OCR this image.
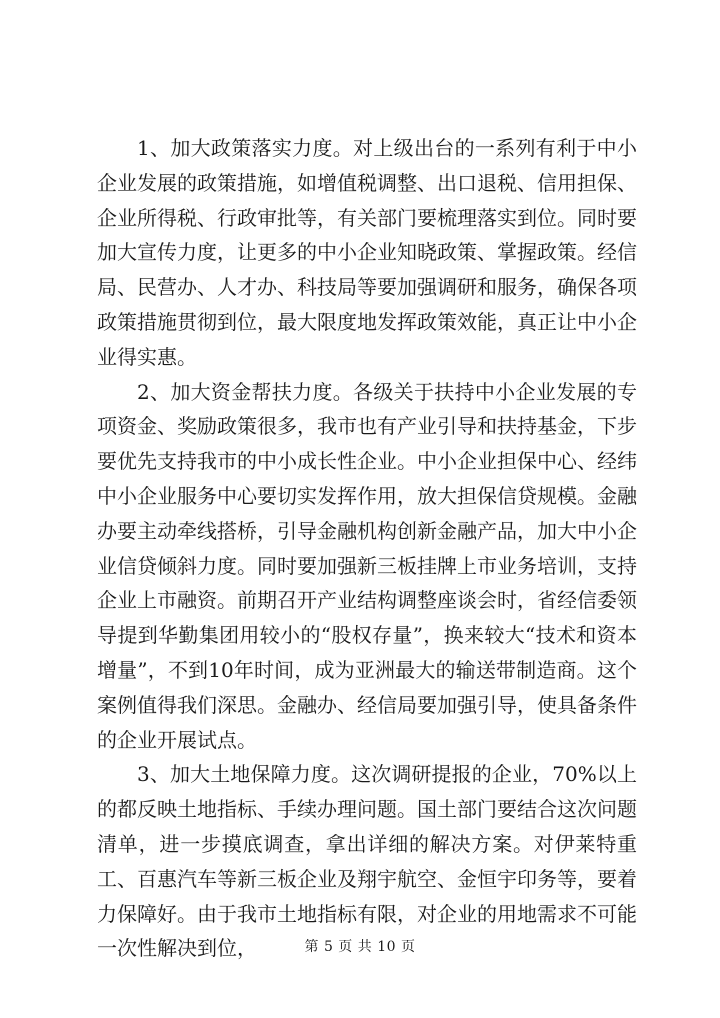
1、加大政策落实力度。对上级出台的一系列有利于中小企业发展的政策措施，如增值税调整、出口退税、信用担保、企业所得税、行政审批等，有关部门要梳理落实到位。同时要加大宣传力度，让更多的中小企业知晓政策、掌握政策。经信局、民营办、人才办、科技局等要加强调研和服务，确保各项政策措施贯彻到位，最大限度地发挥政策效能，真正让中小企业得实惠。

2、加大资金帮扶力度。各级关于扶持中小企业发展的专项资金、奖励政策很多，我市也有产业引导和扶持基金，下步要优先支持我市的中小成长性企业。中小企业担保中心、经纬中小企业服务中心要切实发挥作用，放大担保信贷规模。金融办要主动牵线搭桥，引导金融机构创新金融产品，加大中小企业信贷倾斜力度。同时要加强新三板挂牌上市业务培训，支持企业上市融资。前期召开产业结构调整座谈会时，省经信委领导提到华勤集团用较小的“股权存量”，换来较大“技术和资本增量”，不到10年时间，成为亚洲最大的输送带制造商。这个案例值得我们深思。金融办、经信局要加强引导，使具备条件的企业开展试点。

3、加大土地保障力度。这次调研提报的企业，70%以上的都反映土地指标、手续办理问题。国土部门要结合这次问题清单，进一步摸底调查，拿出详细的解决方案。对伊莱特重工、百惠汽车等新三板企业及翔宇航空、金恒宇印务等，要着力保障好。由于我市土地指标有限，对企业的用地需求不可能一次性解决到位，	第 5 页 共 10 页
